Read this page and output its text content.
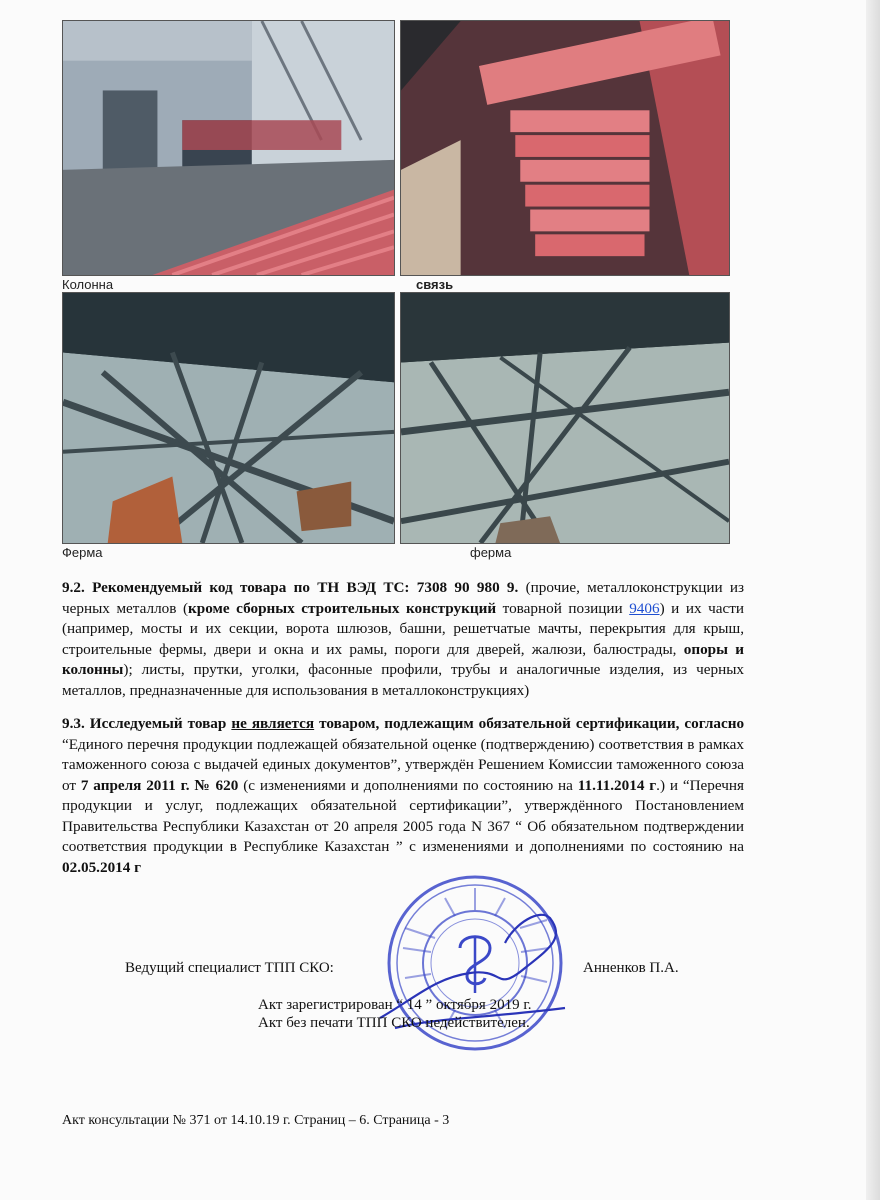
Колонна	связь
Ферма	ферма

9.2. Рекомендуемый код товара по ТН ВЭД ТС: 7308 90 980 9. (прочие, металлоконструкции из черных металлов (кроме сборных строительных конструкций товарной позиции 9406) и их части (например, мосты и их секции, ворота шлюзов, башни, решетчатые мачты, перекрытия для крыш, строительные фермы, двери и окна и их рамы, пороги для дверей, жалюзи, балюстрады, опоры и колонны); листы, прутки, уголки, фасонные профили, трубы и аналогичные изделия, из черных металлов, предназначенные для использования в металлоконструкциях)

9.3. Исследуемый товар не является товаром, подлежащим обязательной сертификации, согласно “Единого перечня продукции подлежащей обязательной оценке (подтверждению) соответствия в рамках таможенного союза с выдачей единых документов”, утверждён Решением Комиссии таможенного союза от 7 апреля 2011 г. № 620 (с изменениями и дополнениями по состоянию на 11.11.2014 г.) и “Перечня продукции и услуг, подлежащих обязательной сертификации”, утверждённого Постановлением Правительства Республики Казахстан от 20 апреля 2005 года N 367 “ Об обязательном подтверждении соответствия продукции в Республике Казахстан ” с изменениями и дополнениями по состоянию на 02.05.2014 г

Ведущий специалист ТПП СКО:	Анненков П.А.
Акт зарегистрирован “ 14 ” октября 2019 г.
Акт без печати ТПП СКО недействителен.
Акт консультации № 371 от 14.10.19 г. Страниц – 6. Страница - 3
